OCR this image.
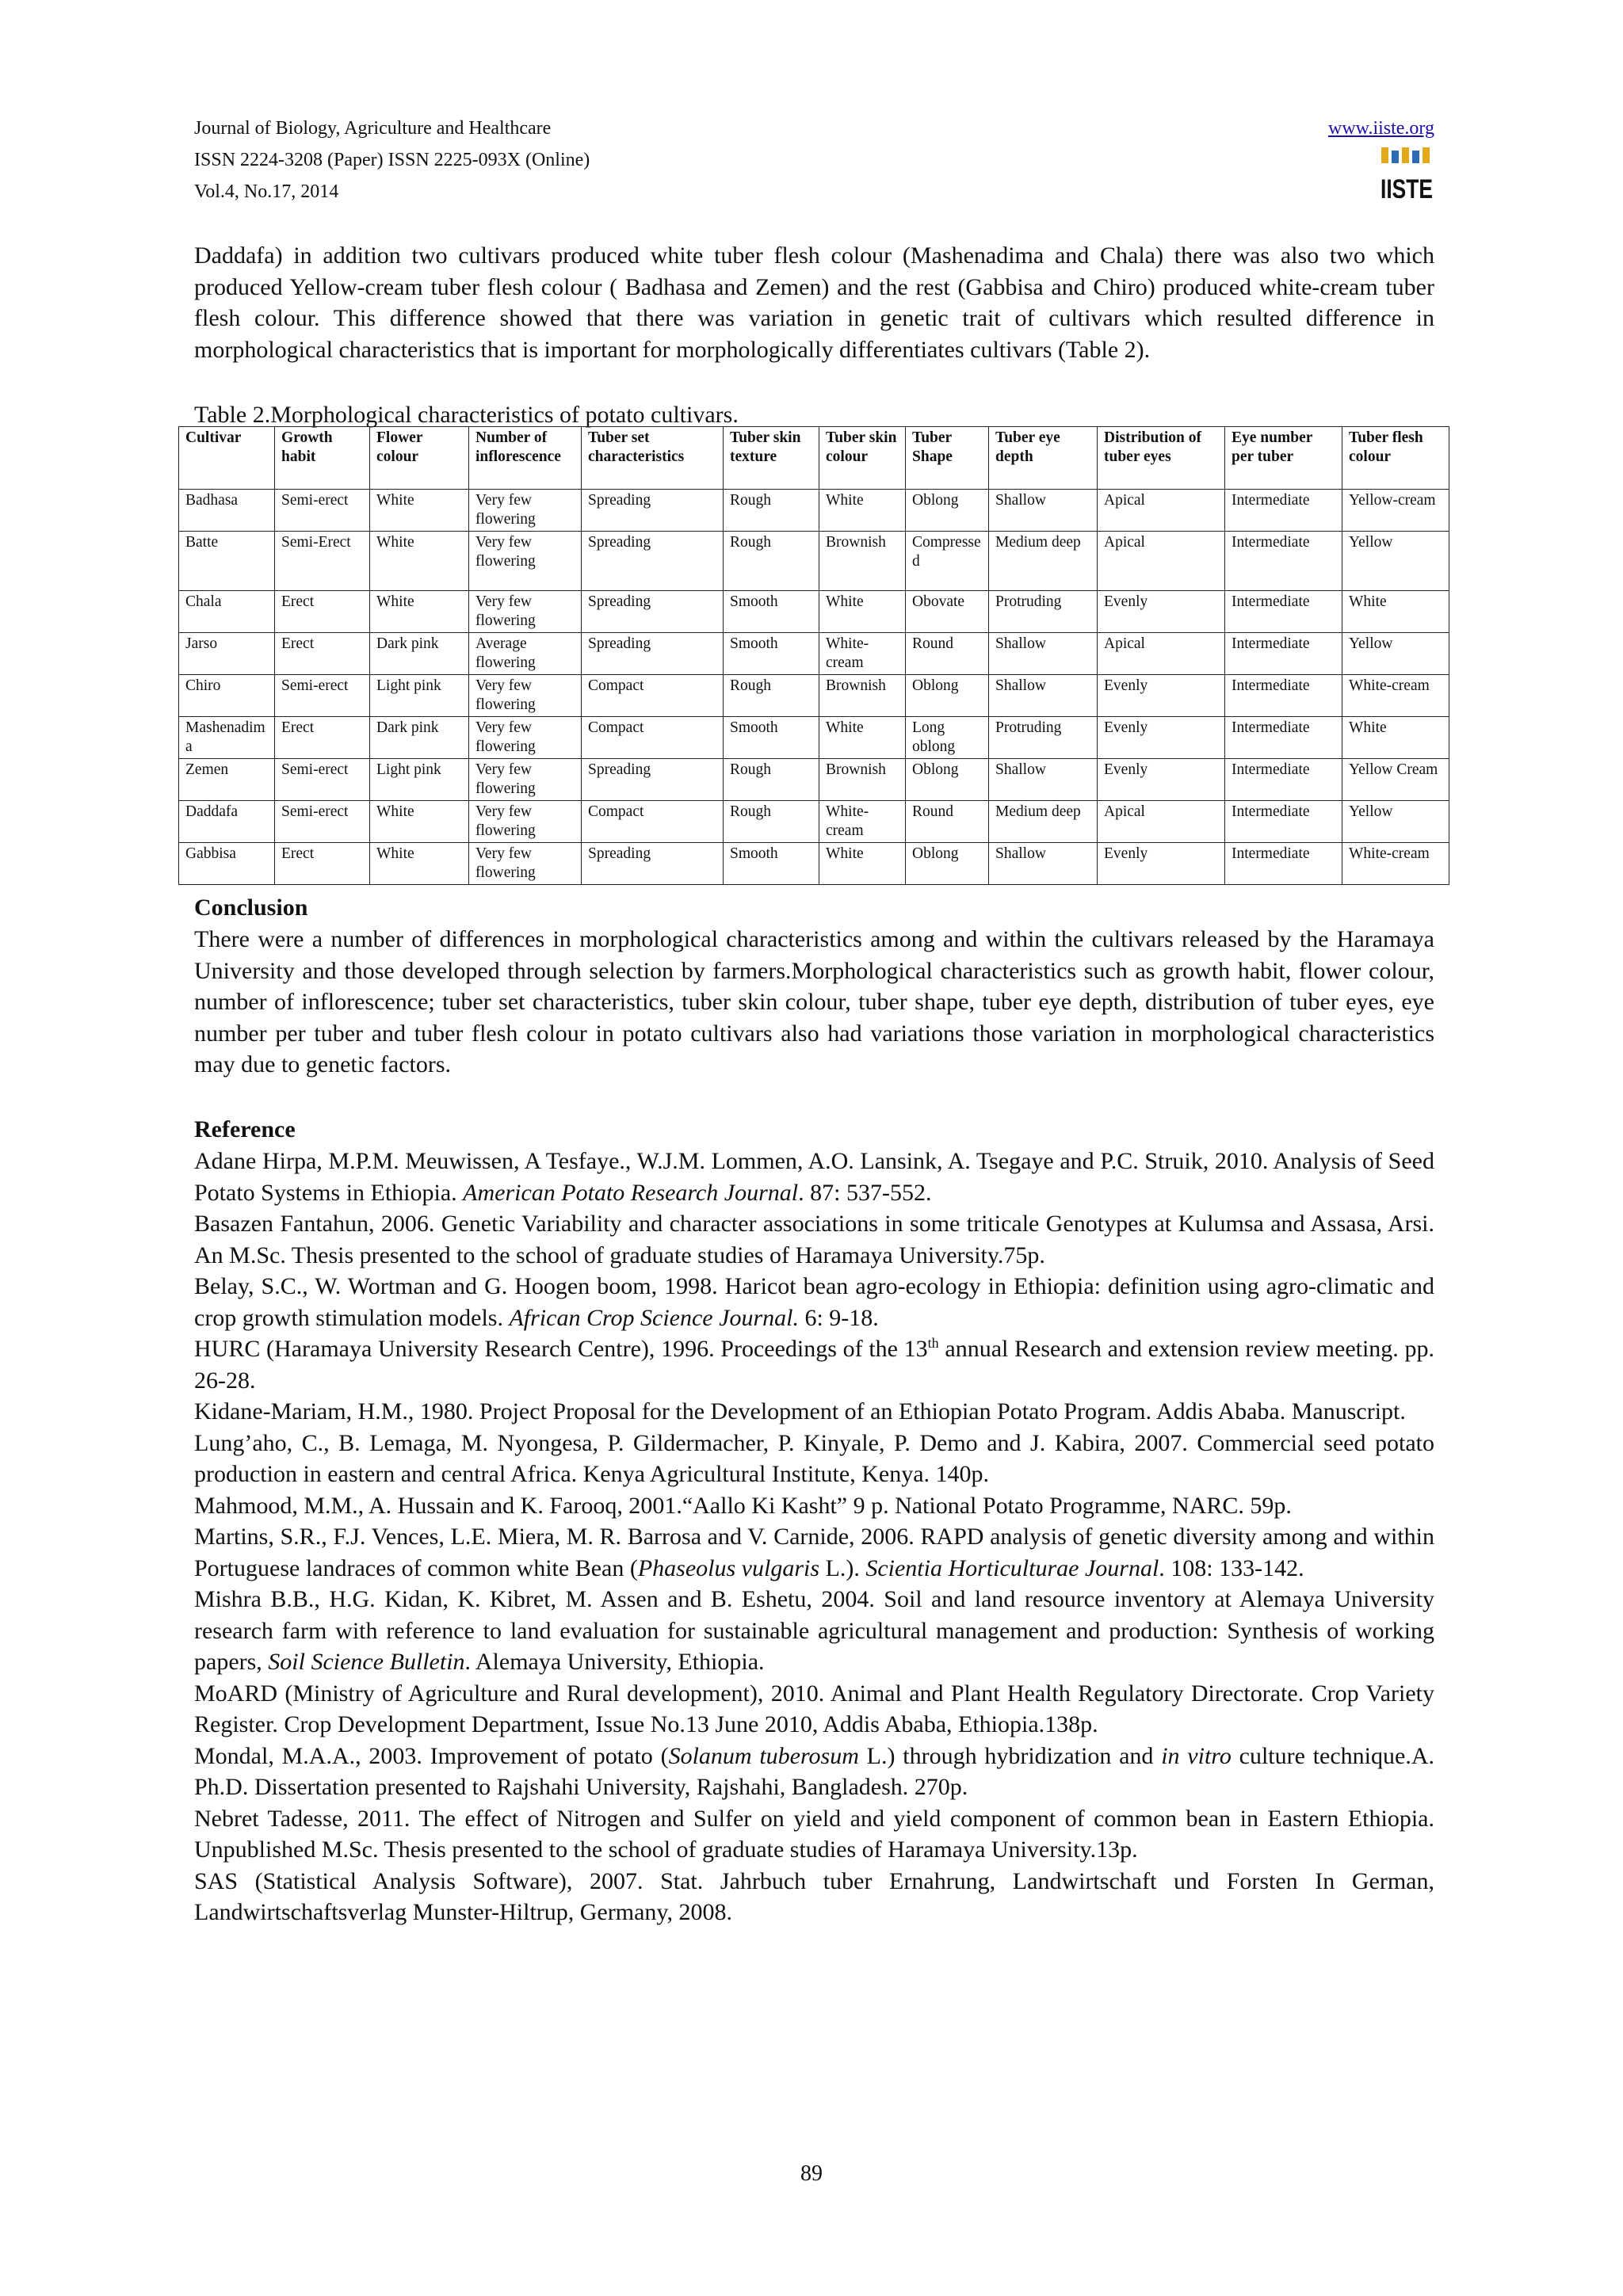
Journal of Biology, Agriculture and Healthcare
ISSN 2224-3208 (Paper) ISSN 2225-093X (Online)
Vol.4, No.17, 2014
www.iiste.org
IISTE

Daddafa) in addition two cultivars produced white tuber flesh colour (Mashenadima and Chala) there was also two which produced Yellow-cream tuber flesh colour ( Badhasa and Zemen) and the rest (Gabbisa and Chiro) produced white-cream tuber flesh colour. This difference showed that there was variation in genetic trait of cultivars which resulted difference in morphological characteristics that is important for morphologically differentiates cultivars (Table 2).

Table 2.Morphological characteristics of potato cultivars.
Cultivar	Growth habit	Flower colour	Number of inflorescence	Tuber set characteristics	Tuber skin texture	Tuber skin colour	Tuber Shape	Tuber eye depth	Distribution of tuber eyes	Eye number per tuber	Tuber flesh colour
Badhasa	Semi-erect	White	Very few flowering	Spreading	Rough	White	Oblong	Shallow	Apical	Intermediate	Yellow-cream
Batte	Semi-Erect	White	Very few flowering	Spreading	Rough	Brownish	Compressed	Medium deep	Apical	Intermediate	Yellow
Chala	Erect	White	Very few flowering	Spreading	Smooth	White	Obovate	Protruding	Evenly	Intermediate	White
Jarso	Erect	Dark pink	Average flowering	Spreading	Smooth	White-cream	Round	Shallow	Apical	Intermediate	Yellow
Chiro	Semi-erect	Light pink	Very few flowering	Compact	Rough	Brownish	Oblong	Shallow	Evenly	Intermediate	White-cream
Mashenadima	Erect	Dark pink	Very few flowering	Compact	Smooth	White	Long oblong	Protruding	Evenly	Intermediate	White
Zemen	Semi-erect	Light pink	Very few flowering	Spreading	Rough	Brownish	Oblong	Shallow	Evenly	Intermediate	Yellow Cream
Daddafa	Semi-erect	White	Very few flowering	Compact	Rough	White-cream	Round	Medium deep	Apical	Intermediate	Yellow
Gabbisa	Erect	White	Very few flowering	Spreading	Smooth	White	Oblong	Shallow	Evenly	Intermediate	White-cream
Conclusion

There were a number of differences in morphological characteristics among and within the cultivars released by the Haramaya University and those developed through selection by farmers.Morphological characteristics such as growth habit, flower colour, number of inflorescence; tuber set characteristics, tuber skin colour, tuber shape, tuber eye depth, distribution of tuber eyes, eye number per tuber and tuber flesh colour in potato cultivars also had variations those variation in morphological characteristics may due to genetic factors.

Reference

Adane Hirpa, M.P.M. Meuwissen, A Tesfaye., W.J.M. Lommen, A.O. Lansink, A. Tsegaye and P.C. Struik, 2010. Analysis of Seed Potato Systems in Ethiopia. American Potato Research Journal. 87: 537-552.

Basazen Fantahun, 2006. Genetic Variability and character associations in some triticale Genotypes at Kulumsa and Assasa, Arsi. An M.Sc. Thesis presented to the school of graduate studies of Haramaya University.75p.

Belay, S.C., W. Wortman and G. Hoogen boom, 1998. Haricot bean agro-ecology in Ethiopia: definition using agro-climatic and crop growth stimulation models. African Crop Science Journal. 6: 9-18.

HURC (Haramaya University Research Centre), 1996. Proceedings of the 13th annual Research and extension review meeting. pp. 26-28.

Kidane-Mariam, H.M., 1980. Project Proposal for the Development of an Ethiopian Potato Program. Addis Ababa. Manuscript.

Lung’aho, C., B. Lemaga, M. Nyongesa, P. Gildermacher, P. Kinyale, P. Demo and J. Kabira, 2007. Commercial seed potato production in eastern and central Africa. Kenya Agricultural Institute, Kenya. 140p.

Mahmood, M.M., A. Hussain and K. Farooq, 2001.“Aallo Ki Kasht” 9 p. National Potato Programme, NARC. 59p.

Martins, S.R., F.J. Vences, L.E. Miera, M. R. Barrosa and V. Carnide, 2006. RAPD analysis of genetic diversity among and within Portuguese landraces of common white Bean (Phaseolus vulgaris L.). Scientia Horticulturae Journal. 108: 133-142.

Mishra B.B., H.G. Kidan, K. Kibret, M. Assen and B. Eshetu, 2004. Soil and land resource inventory at Alemaya University research farm with reference to land evaluation for sustainable agricultural management and production: Synthesis of working papers, Soil Science Bulletin. Alemaya University, Ethiopia.

MoARD (Ministry of Agriculture and Rural development), 2010. Animal and Plant Health Regulatory Directorate. Crop Variety Register. Crop Development Department, Issue No.13 June 2010, Addis Ababa, Ethiopia.138p.

Mondal, M.A.A., 2003. Improvement of potato (Solanum tuberosum L.) through hybridization and in vitro culture technique.A. Ph.D. Dissertation presented to Rajshahi University, Rajshahi, Bangladesh. 270p.

Nebret Tadesse, 2011. The effect of Nitrogen and Sulfer on yield and yield component of common bean in Eastern Ethiopia. Unpublished M.Sc. Thesis presented to the school of graduate studies of Haramaya University.13p.

SAS (Statistical Analysis Software), 2007. Stat. Jahrbuch tuber Ernahrung, Landwirtschaft und Forsten In German, Landwirtschaftsverlag Munster-Hiltrup, Germany, 2008.

89
